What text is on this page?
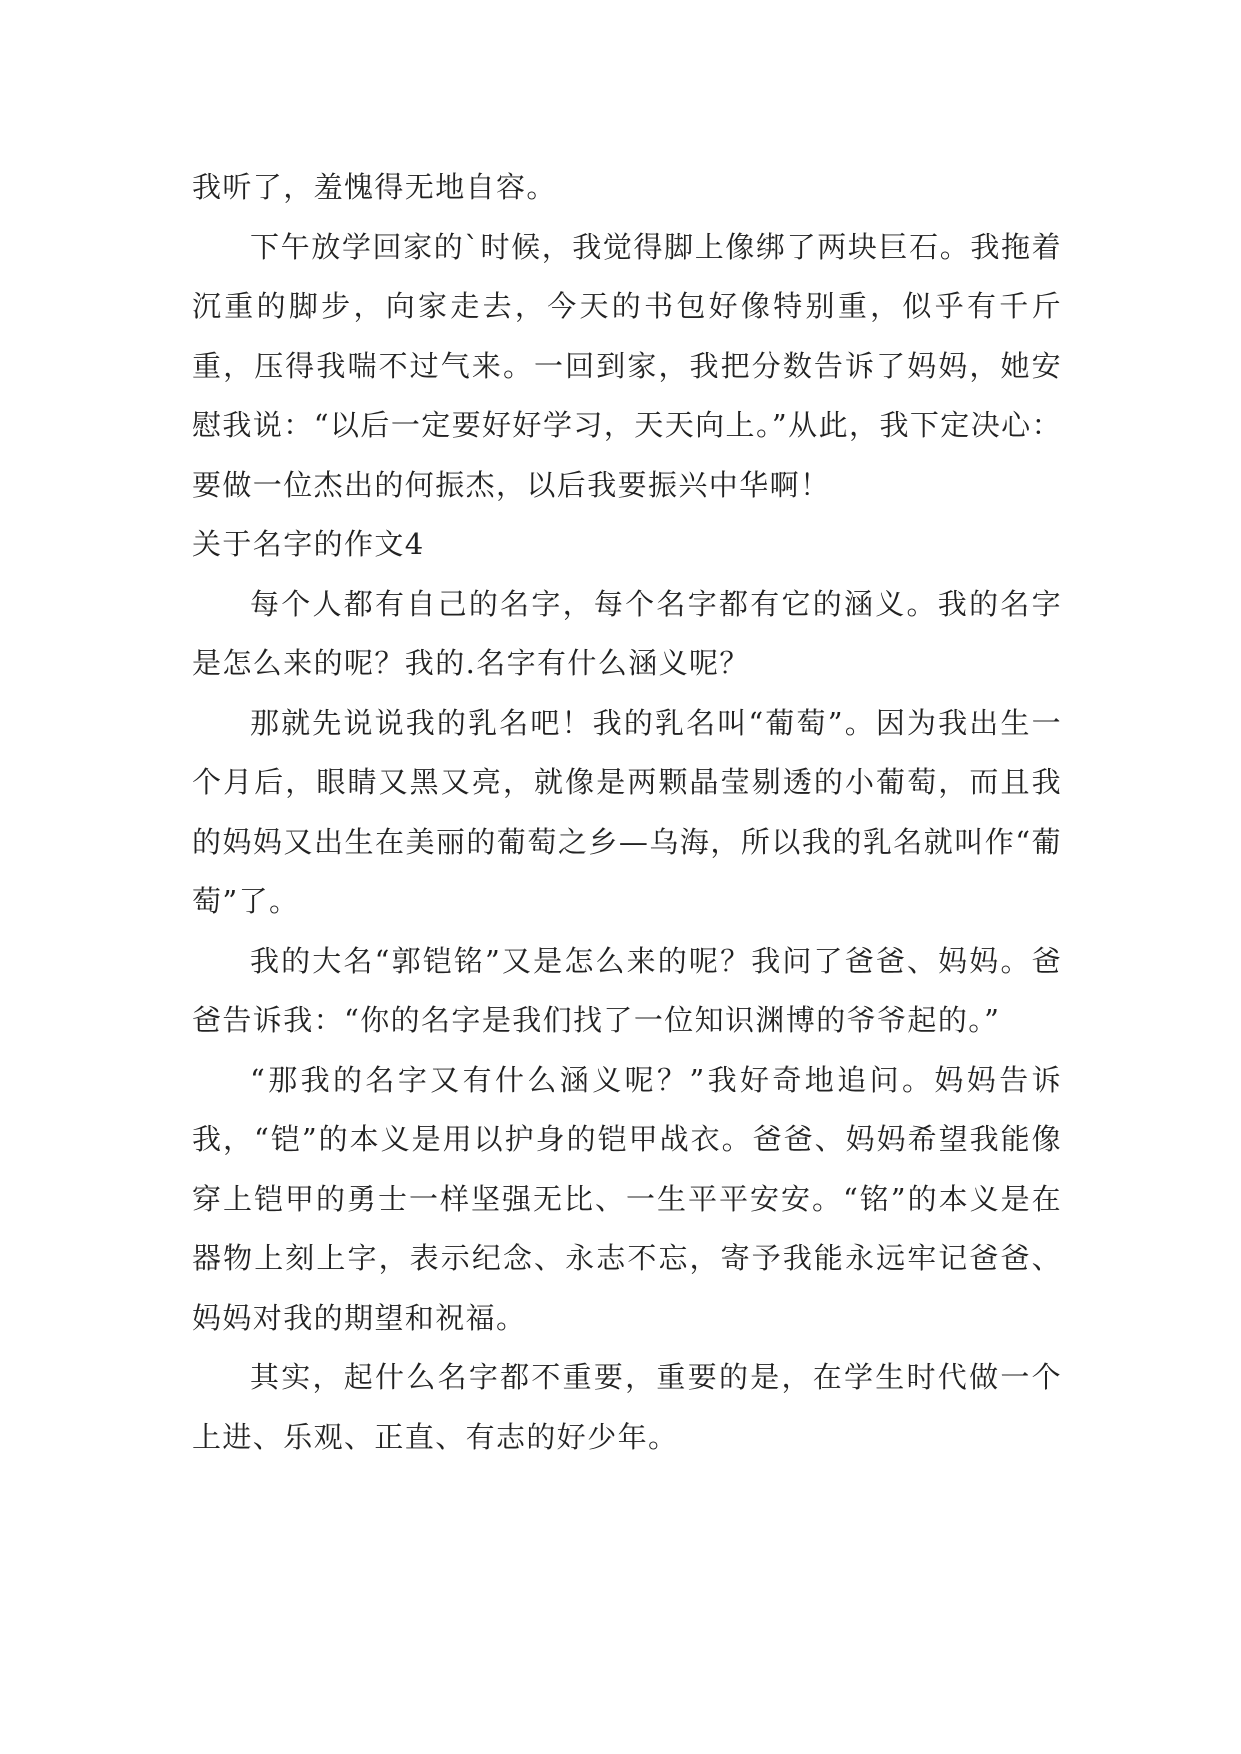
我听了，羞愧得无地自容。

下午放学回家的`时候，我觉得脚上像绑了两块巨石。我拖着沉重的脚步，向家走去，今天的书包好像特别重，似乎有千斤重，压得我喘不过气来。一回到家，我把分数告诉了妈妈，她安慰我说：“以后一定要好好学习，天天向上。”从此，我下定决心：要做一位杰出的何振杰，以后我要振兴中华啊！

关于名字的作文4

每个人都有自己的名字，每个名字都有它的涵义。我的名字是怎么来的呢？我的.名字有什么涵义呢？

那就先说说我的乳名吧！我的乳名叫“葡萄”。因为我出生一个月后，眼睛又黑又亮，就像是两颗晶莹剔透的小葡萄，而且我的妈妈又出生在美丽的葡萄之乡—乌海，所以我的乳名就叫作“葡萄”了。

我的大名“郭铠铭”又是怎么来的呢？我问了爸爸、妈妈。爸爸告诉我：“你的名字是我们找了一位知识渊博的爷爷起的。”

“那我的名字又有什么涵义呢？”我好奇地追问。妈妈告诉我，“铠”的本义是用以护身的铠甲战衣。爸爸、妈妈希望我能像穿上铠甲的勇士一样坚强无比、一生平平安安。“铭”的本义是在器物上刻上字，表示纪念、永志不忘，寄予我能永远牢记爸爸、妈妈对我的期望和祝福。

其实，起什么名字都不重要，重要的是，在学生时代做一个上进、乐观、正直、有志的好少年。
